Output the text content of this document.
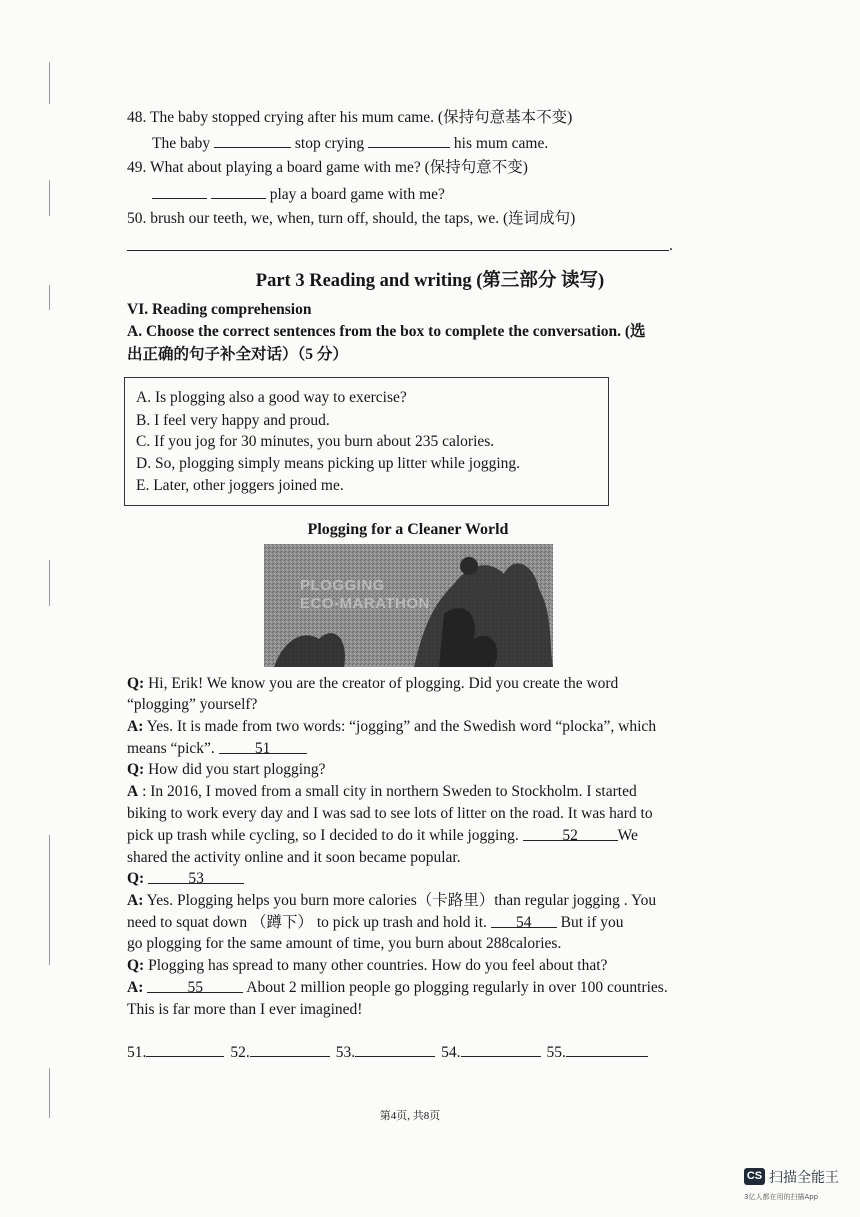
48. The baby stopped crying after his mum came. (保持句意基本不变)
The baby	stop crying	his mum came.
49. What about playing a board game with me? (保持句意不变)
play a board game with me?
50. brush our teeth, we, when, turn off, should, the taps, we. (连词成句)
.
Part 3 Reading and writing (第三部分 读写)
VI. Reading comprehension
A. Choose the correct sentences from the box to complete the conversation. (选
出正确的句子补全对话）（5 分）
A. Is plogging also a good way to exercise?
B. I feel very happy and proud.
C. If you jog for 30 minutes, you burn about 235 calories.
D. So, plogging simply means picking up litter while jogging.
E. Later, other joggers joined me.
Plogging for a Cleaner World
PLOGGING
ECO-MARATHON
Q: Hi, Erik! We know you are the creator of plogging. Did you create the word
“plogging” yourself?
A: Yes. It is made from two words: “jogging” and the Swedish word “plocka”, which
means “pick”. 51
Q: How did you start plogging?
A : In 2016, I moved from a small city in northern Sweden to Stockholm. I started
biking to work every day and I was sad to see lots of litter on the road. It was hard to
pick up trash while cycling, so I decided to do it while jogging.	52	We
shared the activity online and it soon became popular.
Q:	53
A: Yes. Plogging helps you burn more calories（卡路里）than regular jogging . You
need to squat down （蹲下） to pick up trash and hold it. 54 But if you
go plogging for the same amount of time, you burn about 288calories.
Q: Plogging has spread to many other countries. How do you feel about that?
A:	55	About 2 million people go plogging regularly in over 100 countries.
This is far more than I ever imagined!
51.	52.	53.	54.	55.
第4页, 共8页
CS 扫描全能王
3亿人都在用的扫描App
